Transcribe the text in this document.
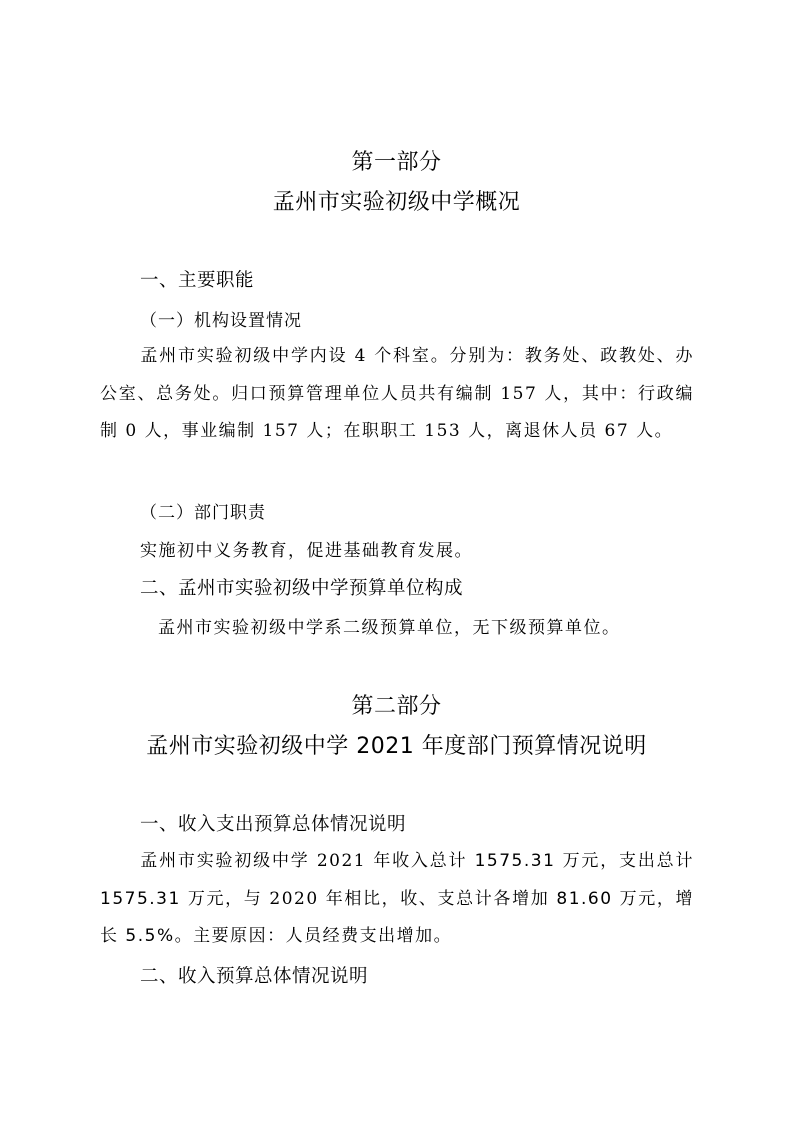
第一部分
孟州市实验初级中学概况
一、主要职能
（一）机构设置情况
孟州市实验初级中学内设 4 个科室。分别为：教务处、政教处、办公室、总务处。归口预算管理单位人员共有编制 157 人，其中：行政编制 0 人，事业编制 157 人；在职职工 153 人，离退休人员 67 人。
（二）部门职责
实施初中义务教育，促进基础教育发展。
二、孟州市实验初级中学预算单位构成
孟州市实验初级中学系二级预算单位，无下级预算单位。
第二部分
孟州市实验初级中学 2021 年度部门预算情况说明
一、收入支出预算总体情况说明
孟州市实验初级中学 2021 年收入总计 1575.31 万元，支出总计 1575.31 万元，与 2020 年相比，收、支总计各增加 81.60 万元，增长 5.5%。主要原因：人员经费支出增加。
二、收入预算总体情况说明
